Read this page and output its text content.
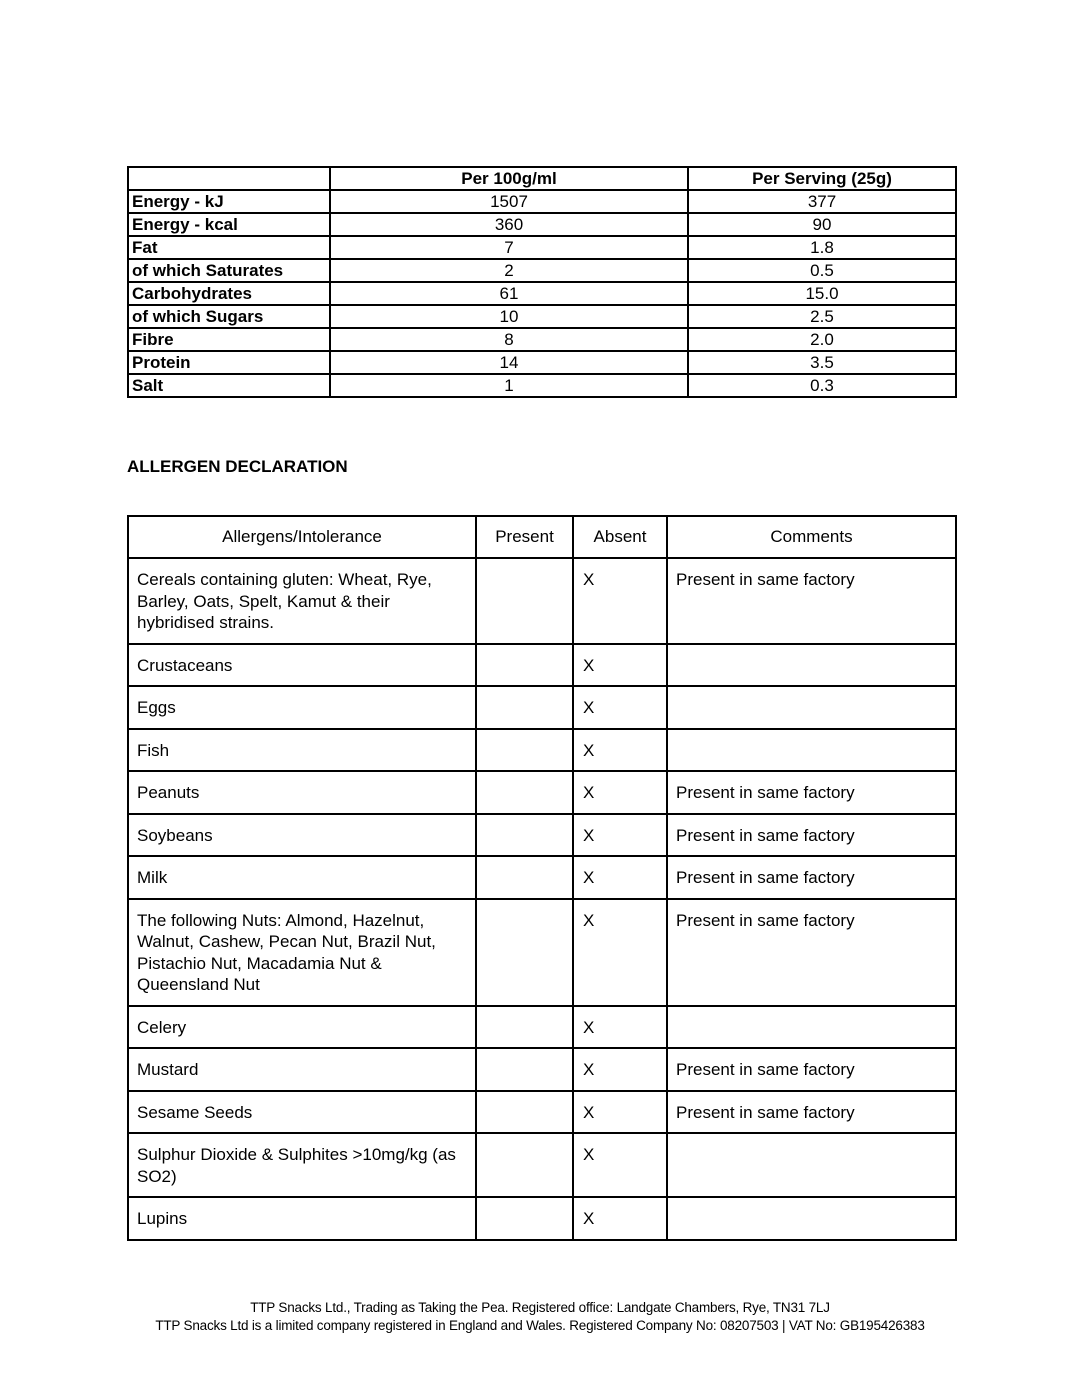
	Per 100g/ml	Per Serving (25g)
Energy - kJ	1507	377
Energy - kcal	360	90
Fat	7	1.8
of which Saturates	2	0.5
Carbohydrates	61	15.0
of which Sugars	10	2.5
Fibre	8	2.0
Protein	14	3.5
Salt	1	0.3
ALLERGEN DECLARATION
Allergens/Intolerance	Present	Absent	Comments
Cereals containing gluten: Wheat, Rye, Barley, Oats, Spelt, Kamut & their hybridised strains.		X	Present in same factory
Crustaceans		X	
Eggs		X	
Fish		X	
Peanuts		X	Present in same factory
Soybeans		X	Present in same factory
Milk		X	Present in same factory
The following Nuts: Almond, Hazelnut, Walnut, Cashew, Pecan Nut, Brazil Nut, Pistachio Nut, Macadamia Nut & Queensland Nut		X	Present in same factory
Celery		X	
Mustard		X	Present in same factory
Sesame Seeds		X	Present in same factory
Sulphur Dioxide & Sulphites >10mg/kg (as SO2)		X	
Lupins		X	
TTP Snacks Ltd., Trading as Taking the Pea. Registered office: Landgate Chambers, Rye, TN31 7LJ
TTP Snacks Ltd is a limited company registered in England and Wales. Registered Company No: 08207503 | VAT No: GB195426383
